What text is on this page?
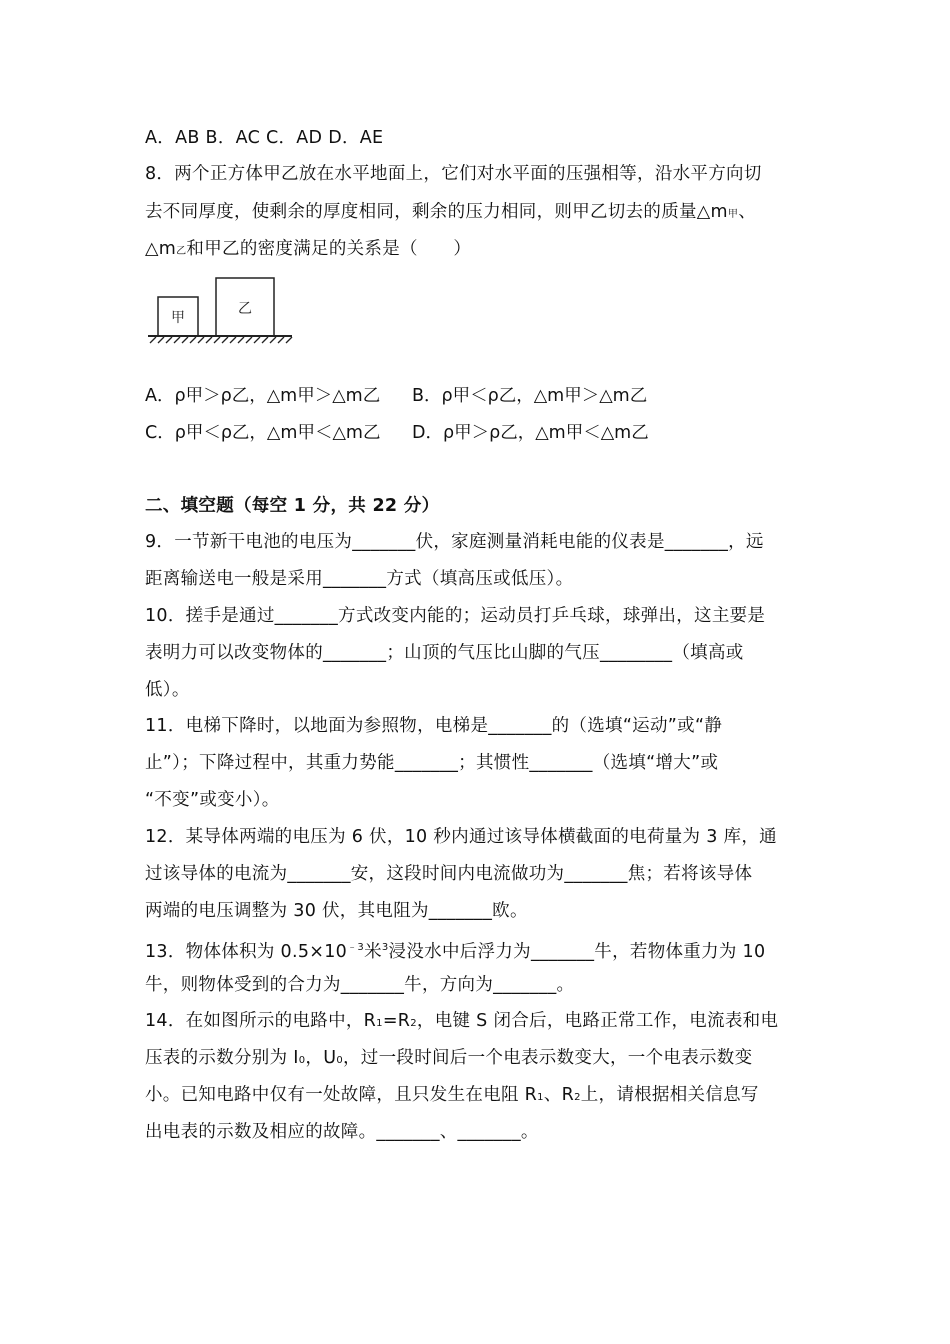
A．AB B．AC C．AD D．AE
8．两个正方体甲乙放在水平地面上，它们对水平面的压强相等，沿水平方向切
去不同厚度，使剩余的厚度相同，剩余的压力相同，则甲乙切去的质量△m甲、
△m乙和甲乙的密度满足的关系是（　　）
甲
乙
A．ρ甲＞ρ乙，△m甲＞△m乙 B．ρ甲＜ρ乙，△m甲＞△m乙
C．ρ甲＜ρ乙，△m甲＜△m乙 D．ρ甲＞ρ乙，△m甲＜△m乙
二、填空题（每空 1 分，共 22 分）
9．一节新干电池的电压为_______伏，家庭测量消耗电能的仪表是_______，远
距离输送电一般是采用_______方式（填高压或低压）。
10．搓手是通过_______方式改变内能的；运动员打乒乓球，球弹出，这主要是
表明力可以改变物体的_______；山顶的气压比山脚的气压________（填高或
低）。
11．电梯下降时，以地面为参照物，电梯是_______的（选填“运动”或“静
止”）；下降过程中，其重力势能_______；其惯性_______（选填“增大”或
“不变”或变小）。
12．某导体两端的电压为 6 伏，10 秒内通过该导体横截面的电荷量为 3 库，通
过该导体的电流为_______安，这段时间内电流做功为_______焦；若将该导体
两端的电压调整为 30 伏，其电阻为_______欧。
13．物体体积为 $0.5\times 10^{﹣3}$米$^3$浸没水中后浮力为_______牛，若物体重力为 10
牛，则物体受到的合力为_______牛，方向为_______。
14．在如图所示的电路中，R1=R2，电键 S 闭合后，电路正常工作，电流表和电
压表的示数分别为 I0，U0，过一段时间后一个电表示数变大，一个电表示数变
小。已知电路中仅有一处故障，且只发生在电阻 R1、R2上，请根据相关信息写
出电表的示数及相应的故障。_______、_______。
